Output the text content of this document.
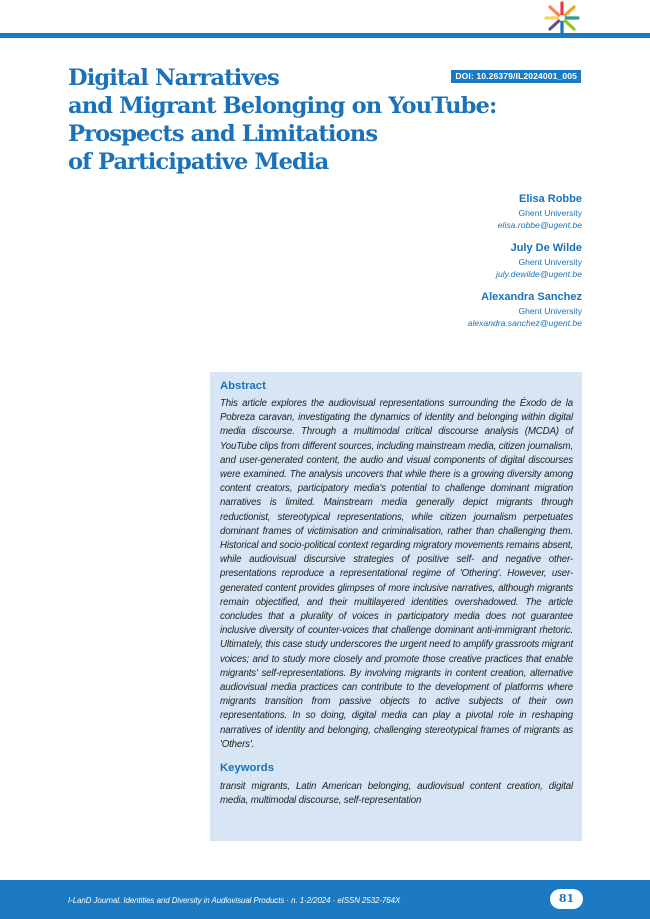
DOI: 10.26379/IL2024001_005
Digital Narratives
and Migrant Belonging on YouTube:
Prospects and Limitations
of Participative Media
Elisa Robbe
Ghent University
elisa.robbe@ugent.be
July De Wilde
Ghent University
july.dewilde@ugent.be
Alexandra Sanchez
Ghent University
alexandra.sanchez@ugent.be
Abstract

This article explores the audiovisual representations surrounding the Éxodo de la Pobreza caravan, investigating the dynamics of identity and belonging within digital media discourse. Through a multimodal critical discourse analysis (MCDA) of YouTube clips from different sources, including mainstream media, citizen journalism, and user-generated content, the audio and visual components of digital discourses were examined. The analysis uncovers that while there is a growing diversity among content creators, participatory media's potential to challenge dominant migration narratives is limited. Mainstream media generally depict migrants through reductionist, stereotypical representations, while citizen journalism perpetuates dominant frames of victimisation and criminalisation, rather than challenging them. Historical and socio-political context regarding migratory movements remains absent, while audiovisual discursive strategies of positive self- and negative other-presentations reproduce a representational regime of 'Othering'. However, user-generated content provides glimpses of more inclusive narratives, although migrants remain objectified, and their multilayered identities overshadowed. The article concludes that a plurality of voices in participatory media does not guarantee inclusive diversity of counter-voices that challenge dominant anti-immigrant rhetoric. Ultimately, this case study underscores the urgent need to amplify grassroots migrant voices; and to study more closely and promote those creative practices that enable migrants' self-representations. By involving migrants in content creation, alternative audiovisual media practices can contribute to the development of platforms where migrants transition from passive objects to active subjects of their own representations. In so doing, digital media can play a pivotal role in reshaping narratives of identity and belonging, challenging stereotypical frames of migrants as 'Others'.

Keywords

transit migrants, Latin American belonging, audiovisual content creation, digital media, multimodal discourse, self-representation

I-LanD Journal. Identities and Diversity in Audiovisual Products · n. 1-2/2024 · eISSN 2532-764X	81
